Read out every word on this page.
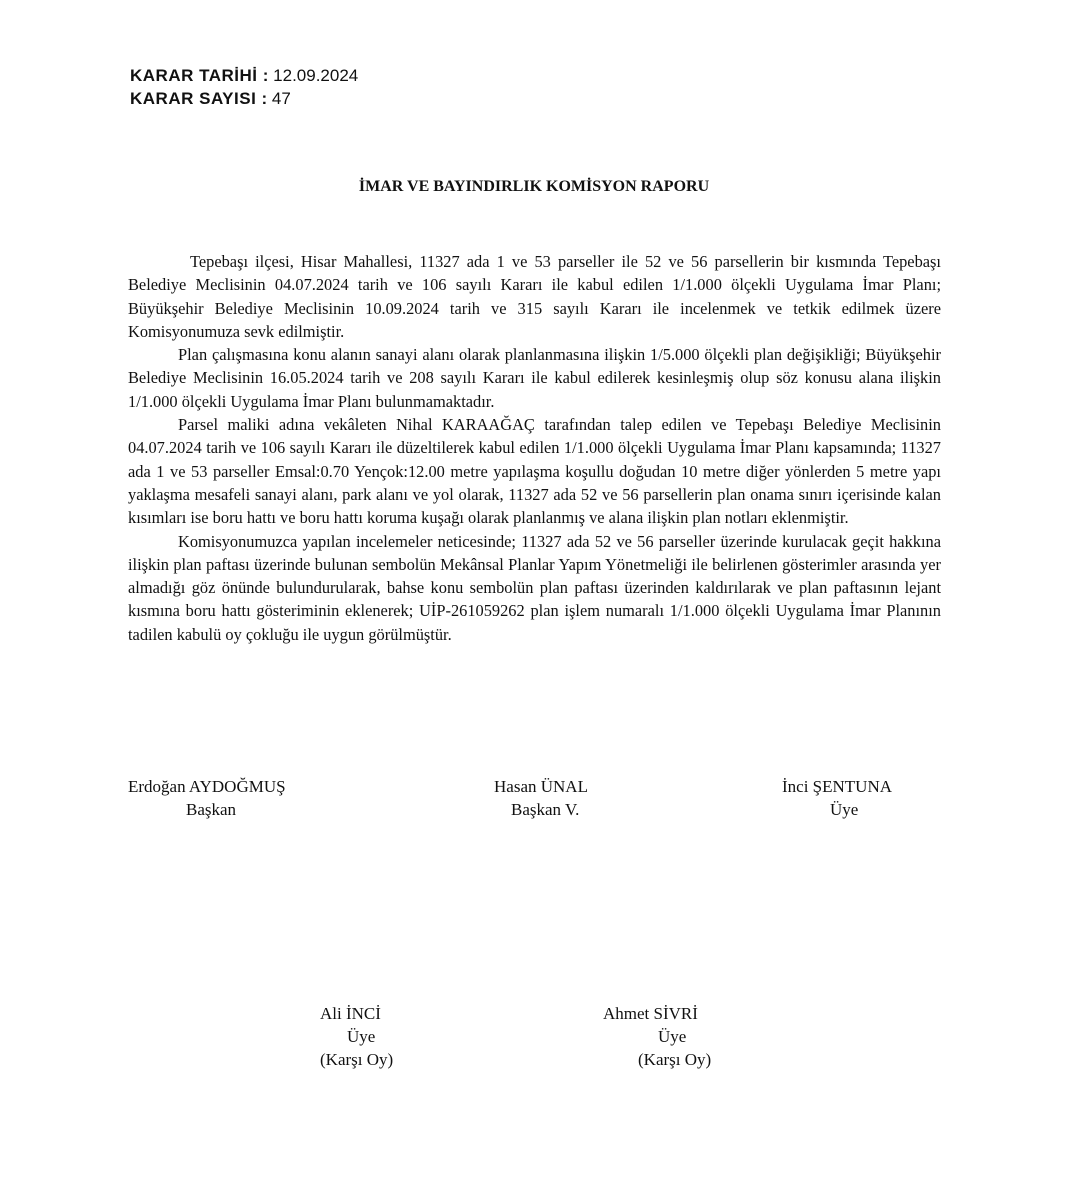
KARAR TARİHİ : 12.09.2024
KARAR SAYISI : 47
İMAR VE BAYINDIRLIK KOMİSYON RAPORU

Tepebaşı ilçesi, Hisar Mahallesi, 11327 ada 1 ve 53 parseller ile 52 ve 56 parsellerin bir kısmında Tepebaşı Belediye Meclisinin 04.07.2024 tarih ve 106 sayılı Kararı ile kabul edilen 1/1.000 ölçekli Uygulama İmar Planı; Büyükşehir Belediye Meclisinin 10.09.2024 tarih ve 315 sayılı Kararı ile incelenmek ve tetkik edilmek üzere Komisyonumuza sevk edilmiştir.

Plan çalışmasına konu alanın sanayi alanı olarak planlanmasına ilişkin 1/5.000 ölçekli plan değişikliği; Büyükşehir Belediye Meclisinin 16.05.2024 tarih ve 208 sayılı Kararı ile kabul edilerek kesinleşmiş olup söz konusu alana ilişkin 1/1.000 ölçekli Uygulama İmar Planı bulunmamaktadır.

Parsel maliki adına vekâleten Nihal KARAAĞAÇ tarafından talep edilen ve Tepebaşı Belediye Meclisinin 04.07.2024 tarih ve 106 sayılı Kararı ile düzeltilerek kabul edilen 1/1.000 ölçekli Uygulama İmar Planı kapsamında; 11327 ada 1 ve 53 parseller Emsal:0.70 Yençok:12.00 metre yapılaşma koşullu doğudan 10 metre diğer yönlerden 5 metre yapı yaklaşma mesafeli sanayi alanı, park alanı ve yol olarak, 11327 ada 52 ve 56 parsellerin plan onama sınırı içerisinde kalan kısımları ise boru hattı ve boru hattı koruma kuşağı olarak planlanmış ve alana ilişkin plan notları eklenmiştir.

Komisyonumuzca yapılan incelemeler neticesinde; 11327 ada 52 ve 56 parseller üzerinde kurulacak geçit hakkına ilişkin plan paftası üzerinde bulunan sembolün Mekânsal Planlar Yapım Yönetmeliği ile belirlenen gösterimler arasında yer almadığı göz önünde bulundurularak, bahse konu sembolün plan paftası üzerinden kaldırılarak ve plan paftasının lejant kısmına boru hattı gösteriminin eklenerek; UİP-261059262 plan işlem numaralı 1/1.000 ölçekli Uygulama İmar Planının tadilen kabulü oy çokluğu ile uygun görülmüştür.

Erdoğan AYDOĞMUŞ
Başkan
Hasan ÜNAL
Başkan V.
İnci ŞENTUNA
Üye
Ali İNCİ
Üye
(Karşı Oy)
Ahmet SİVRİ
Üye
(Karşı Oy)
